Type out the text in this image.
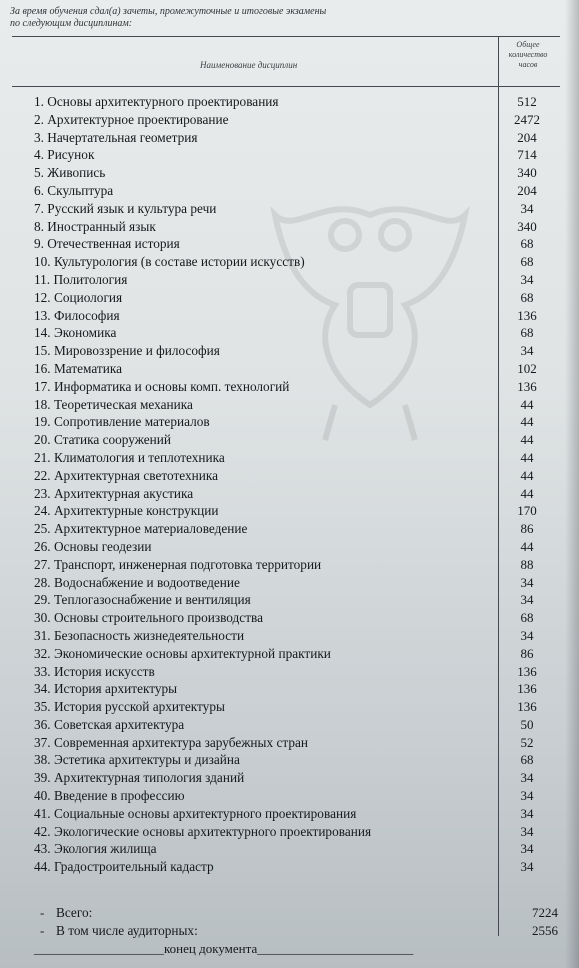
За время обучения сдал(а) зачеты, промежуточные и итоговые экзамены
по следующим дисциплинам:
Наименование дисциплин
Общее количество часов
1. Основы архитектурного проектирования	512
2. Архитектурное проектирование	2472
3. Начертательная геометрия	204
4. Рисунок	714
5. Живопись	340
6. Скульптура	204
7. Русский язык и культура речи	34
8. Иностранный язык	340
9. Отечественная история	68
10. Культурология (в составе истории искусств)	68
11. Политология	34
12. Социология	68
13. Философия	136
14. Экономика	68
15. Мировоззрение и философия	34
16. Математика	102
17. Информатика и основы комп. технологий	136
18. Теоретическая механика	44
19. Сопротивление материалов	44
20. Статика сооружений	44
21. Климатология и теплотехника	44
22. Архитектурная светотехника	44
23. Архитектурная акустика	44
24. Архитектурные конструкции	170
25. Архитектурное материаловедение	86
26. Основы геодезии	44
27. Транспорт, инженерная подготовка территории	88
28. Водоснабжение и водоотведение	34
29. Теплогазоснабжение и вентиляция	34
30. Основы строительного производства	68
31. Безопасность жизнедеятельности	34
32. Экономические основы архитектурной практики	86
33. История искусств	136
34. История архитектуры	136
35. История русской архитектуры	136
36. Советская архитектура	50
37. Современная архитектура зарубежных стран	52
38. Эстетика архитектуры и дизайна	68
39. Архитектурная типология зданий	34
40. Введение в профессию	34
41. Социальные основы архитектурного проектирования	34
42. Экологические основы архитектурного проектирования	34
43. Экология жилища	34
44. Градостроительный кадастр	34
- Всего:	7224
- В том числе аудиторных:	2556
____________________конец документа________________________
